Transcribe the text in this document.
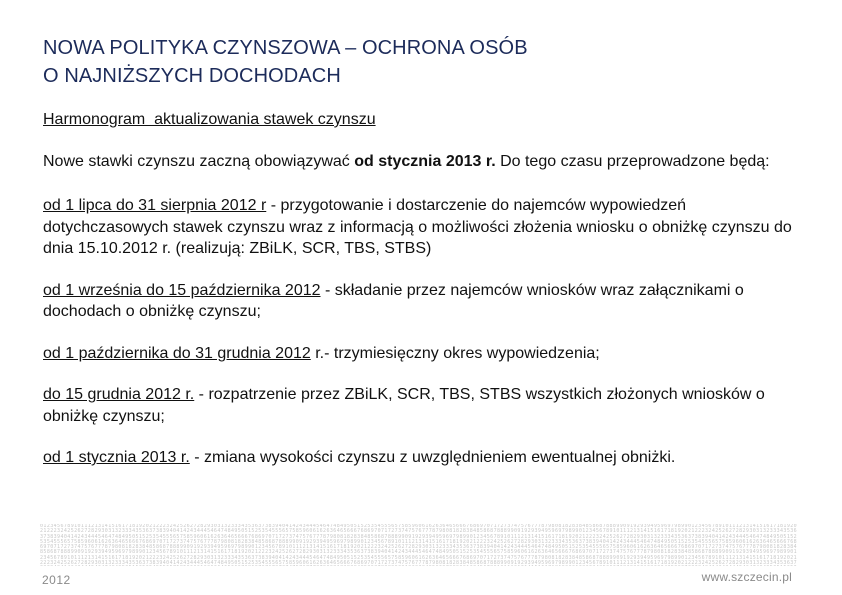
NOWA POLITYKA CZYNSZOWA – OCHRONA OSÓB
O NAJNIŻSZYCH DOCHODACH
Harmonogram  aktualizowania stawek czynszu
Nowe stawki czynszu zaczną obowiązywać od stycznia 2013 r. Do tego czasu przeprowadzone będą:
od 1 lipca do 31 sierpnia 2012 r - przygotowanie i dostarczenie do najemców wypowiedzeń dotychczasowych stawek czynszu wraz z informacją o możliwości złożenia wniosku o obniżkę czynszu do dnia 15.10.2012 r. (realizują: ZBiLK, SCR, TBS, STBS)
od 1 września do 15 października 2012 - składanie przez najemców wniosków wraz załącznikami o dochodach o obniżkę czynszu;
od 1 października do 31 grudnia 2012 r.- trzymiesięczny okres wypowiedzenia;
do 15 grudnia 2012 r. - rozpatrzenie przez ZBiLK, SCR, TBS, STBS wszystkich złożonych wniosków o obniżkę czynszu;
od 1 stycznia 2013 r. - zmiana wysokości czynszu z uwzględnieniem ewentualnej obniżki.
012345678910111213141516171819202122232425262728293031323334353637383940414243444546474849505152535455565758596061626364656667686970717273747576777879808182838485868788899091929394959697989901234567891011121314151617181920212223242526272829303132333435363738394041424344454647484950515253545556575859606162636465666768697071727374757677787980818283848586878889909192939495969798990123456789101112131415161718192021222324252627282930313233343536373839404142434445464748495051525354555657585960616263646566676869707172737475767778798081828384858687888990919293949596979899012345678910111213141516171819202122232425262728293031323334353637383940414243444546474849505152535455565758596061626364656667686970717273747576777879808182838485868788899091929394959697989901234567891011121314151617181920212223242526272829303132333435363738394041424344454647484950515253545556575859606162636465666768697071727374757677787980818283848586878889909192939495969798990123456789101112131415161718192021222324252627282930313233343536373839404142434445464748495051525354555657585960616263646566676869707172737475767778798081828384858687888990919293949596979899012345678910111213141516171819202122232425262728293031323334353637383940414243444546474849505152535455565758596061626364656667686970717273747576777879808182838485868788899091929394959697989901234567891011121314151617181920212223242526272829303132333435363738394041424344454647484950515253545556575859606162636465666768697071727374757677787980818283848586878889909192939495969798990123456789101112131415161718192021222324252627282930313233343536373839404142434445464748495051525354555657585960616263646566676869707172737475767778798081828384858687888990919293949596979899012345678910111213141516171819202122232425262728293031323334353637
2012	www.szczecin.pl
